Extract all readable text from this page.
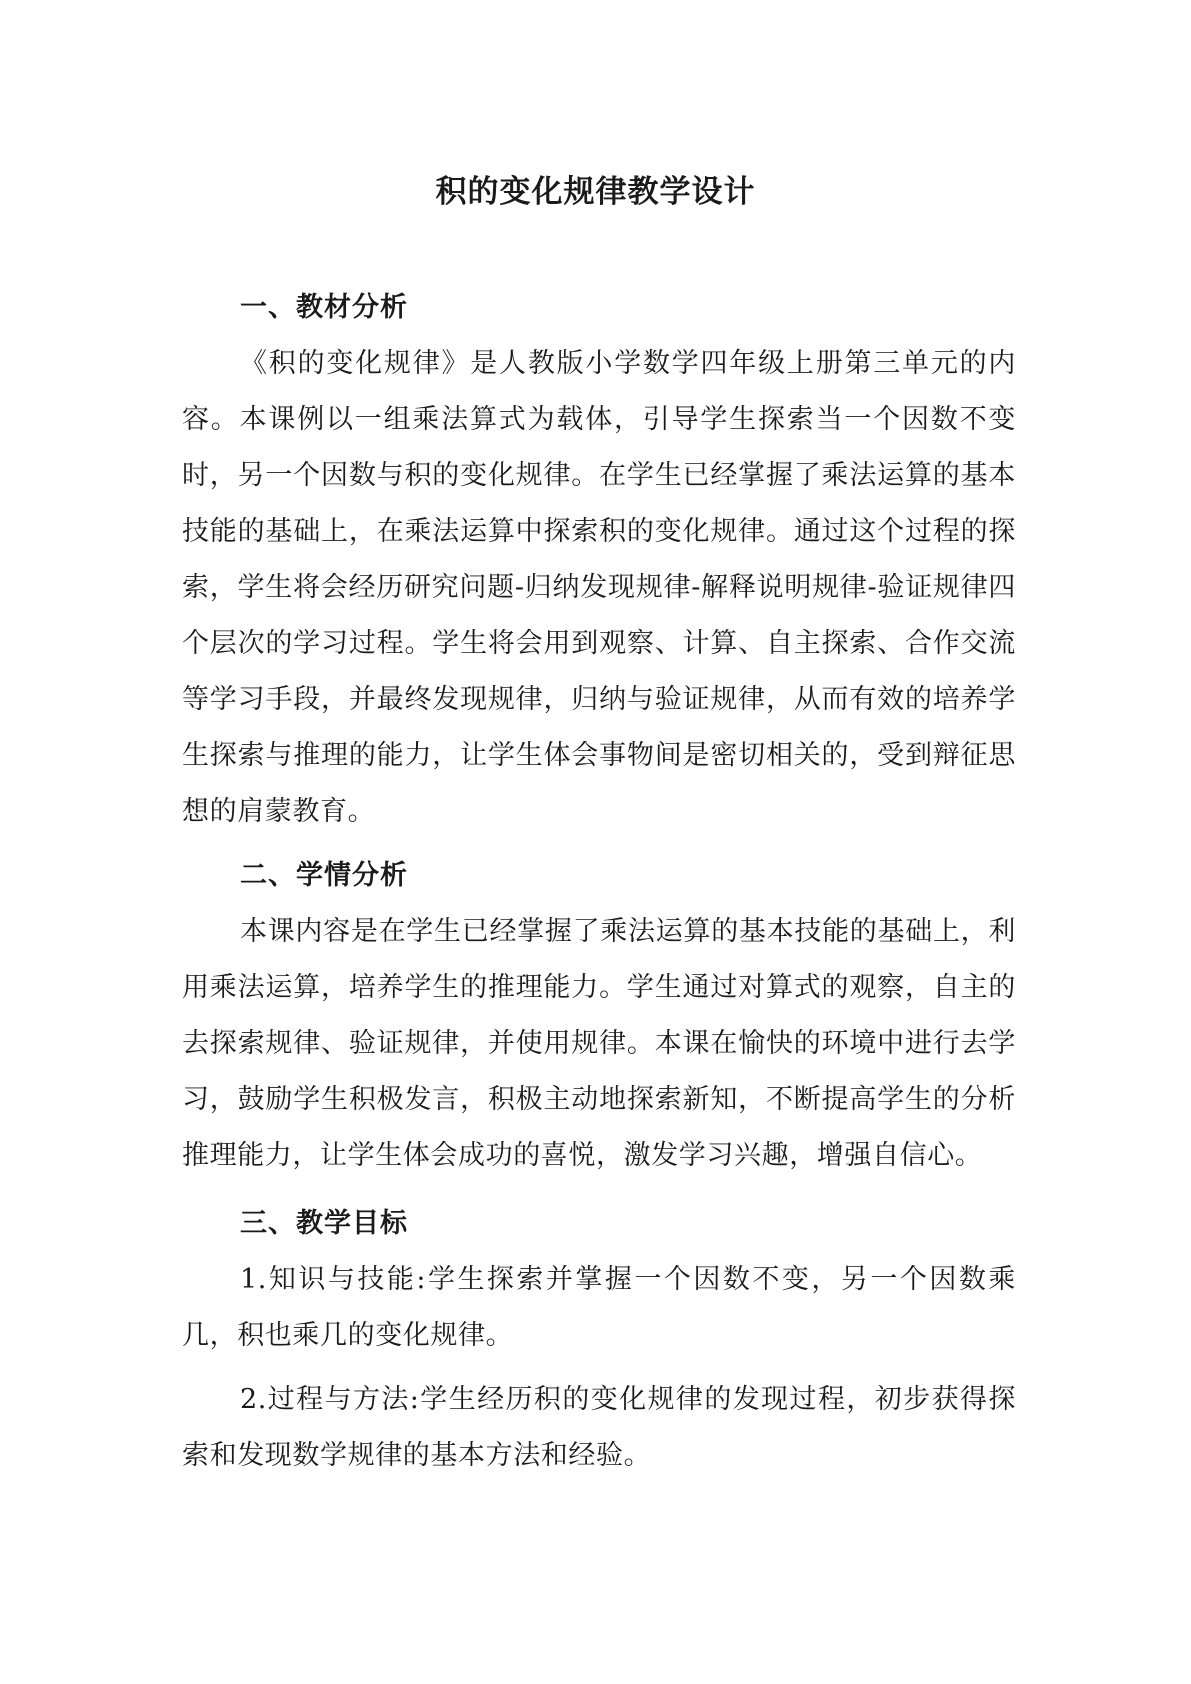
积的变化规律教学设计
一、教材分析

《积的变化规律》是人教版小学数学四年级上册第三单元的内容。本课例以一组乘法算式为载体，引导学生探索当一个因数不变时，另一个因数与积的变化规律。在学生已经掌握了乘法运算的基本技能的基础上，在乘法运算中探索积的变化规律。通过这个过程的探索，学生将会经历研究问题-归纳发现规律-解释说明规律-验证规律四个层次的学习过程。学生将会用到观察、计算、自主探索、合作交流等学习手段，并最终发现规律，归纳与验证规律，从而有效的培养学生探索与推理的能力，让学生体会事物间是密切相关的，受到辩征思想的肩蒙教育。

二、学情分析

本课内容是在学生已经掌握了乘法运算的基本技能的基础上，利用乘法运算，培养学生的推理能力。学生通过对算式的观察，自主的去探索规律、验证规律，并使用规律。本课在愉快的环境中进行去学习，鼓励学生积极发言，积极主动地探索新知，不断提高学生的分析推理能力，让学生体会成功的喜悦，激发学习兴趣，增强自信心。

三、教学目标

1.知识与技能:学生探索并掌握一个因数不变，另一个因数乘几，积也乘几的变化规律。

2.过程与方法:学生经历积的变化规律的发现过程，初步获得探索和发现数学规律的基本方法和经验。
